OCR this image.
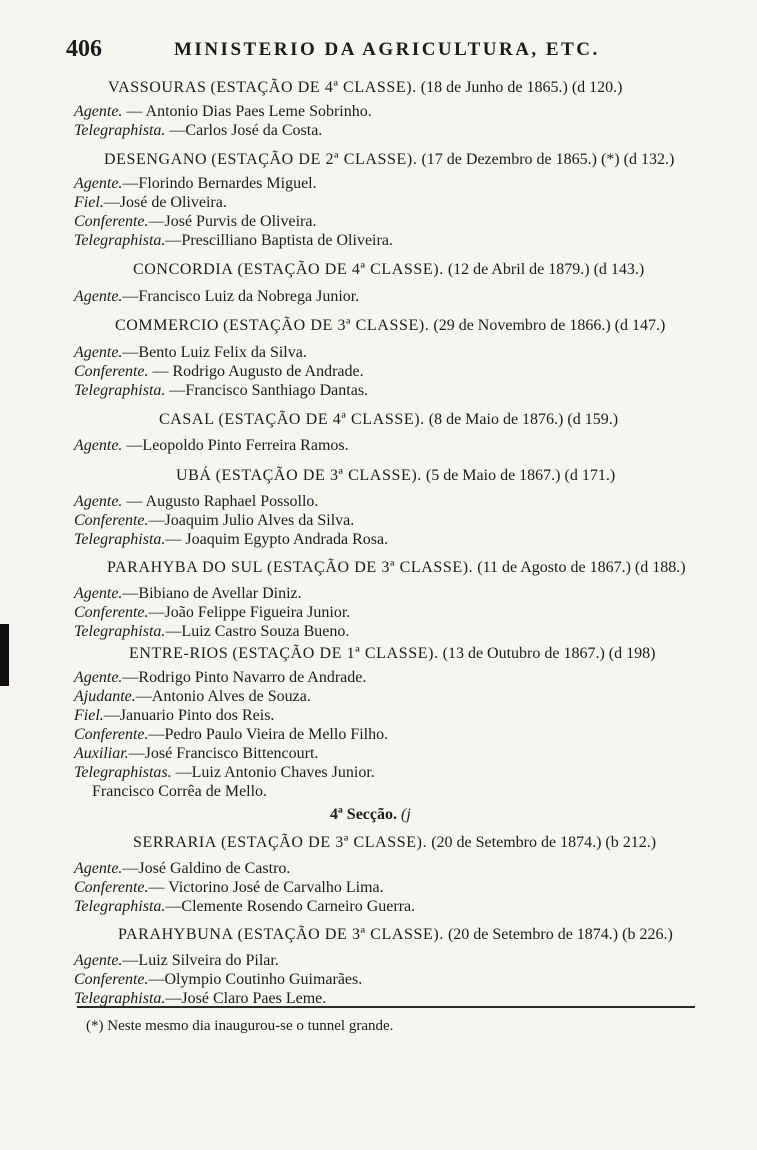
406	MINISTERIO DA AGRICULTURA, ETC.
VASSOURAS (ESTAÇÃO DE 4ª CLASSE). (18 de Junho de 1865.) (d 120.)
Agente. — Antonio Dias Paes Leme Sobrinho.
Telegraphista. —Carlos José da Costa.
DESENGANO (ESTAÇÃO DE 2ª CLASSE). (17 de Dezembro de 1865.) (*) (d 132.)
Agente.—Florindo Bernardes Miguel.
Fiel.—José de Oliveira.
Conferente.—José Purvis de Oliveira.
Telegraphista.—Prescilliano Baptista de Oliveira.
CONCORDIA (ESTAÇÃO DE 4ª CLASSE). (12 de Abril de 1879.) (d 143.)
Agente.—Francisco Luiz da Nobrega Junior.
COMMERCIO (ESTAÇÃO DE 3ª CLASSE). (29 de Novembro de 1866.) (d 147.)
Agente.—Bento Luiz Felix da Silva.
Conferente. — Rodrigo Augusto de Andrade.
Telegraphista. —Francisco Santhiago Dantas.
CASAL (ESTAÇÃO DE 4ª CLASSE). (8 de Maio de 1876.) (d 159.)
Agente. —Leopoldo Pinto Ferreira Ramos.
UBÁ (ESTAÇÃO DE 3ª CLASSE). (5 de Maio de 1867.) (d 171.)
Agente. — Augusto Raphael Possollo.
Conferente.—Joaquim Julio Alves da Silva.
Telegraphista.— Joaquim Egypto Andrada Rosa.
PARAHYBA DO SUL (ESTAÇÃO DE 3ª CLASSE). (11 de Agosto de 1867.) (d 188.)
Agente.—Bibiano de Avellar Diniz.
Conferente.—João Felippe Figueira Junior.
Telegraphista.—Luiz Castro Souza Bueno.
ENTRE-RIOS (ESTAÇÃO DE 1ª CLASSE). (13 de Outubro de 1867.) (d 198)
Agente.—Rodrigo Pinto Navarro de Andrade.
Ajudante.—Antonio Alves de Souza.
Fiel.—Januario Pinto dos Reis.
Conferente.—Pedro Paulo Vieira de Mello Filho.
Auxiliar.—José Francisco Bittencourt.
Telegraphistas. —Luiz Antonio Chaves Junior.
Francisco Corrêa de Mello.
4ª Secção. (j
SERRARIA (ESTAÇÃO DE 3ª CLASSE). (20 de Setembro de 1874.) (b 212.)
Agente.—José Galdino de Castro.
Conferente.— Victorino José de Carvalho Lima.
Telegraphista.—Clemente Rosendo Carneiro Guerra.
PARAHYBUNA (ESTAÇÃO DE 3ª CLASSE). (20 de Setembro de 1874.) (b 226.)
Agente.—Luiz Silveira do Pilar.
Conferente.—Olympio Coutinho Guimarães.
Telegraphista.—José Claro Paes Leme.
(*) Neste mesmo dia inaugurou-se o tunnel grande.
